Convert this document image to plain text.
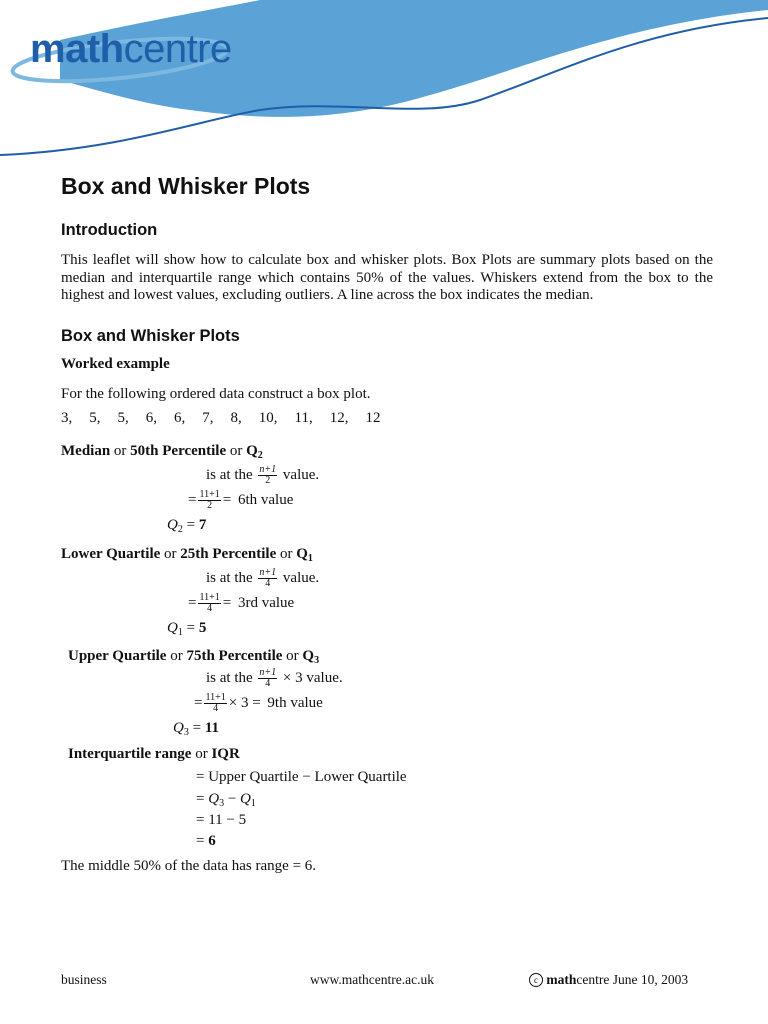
mathcentre
Box and Whisker Plots
Introduction
This leaflet will show how to calculate box and whisker plots. Box Plots are summary plots based on the median and interquartile range which contains 50% of the values. Whiskers extend from the box to the highest and lowest values, excluding outliers. A line across the box indicates the median.
Box and Whisker Plots
Worked example
For the following ordered data construct a box plot.
3, 5, 5, 6, 6, 7, 8, 10, 11, 12, 12
Median or 50th Percentile or $Q_2$
is at the $\frac{n+1}{2}$ value.
= $\frac{11+1}{2} = 6th$ value
$Q_2 = 7$
Lower Quartile or 25th Percentile or $Q_1$
is at the $\frac{n+1}{4}$ value.
= $\frac{11+1}{4} = 3rd$ value
$Q_1 = 5$
Upper Quartile or 75th Percentile or $Q_3$
is at the $\frac{n+1}{4} \times 3$ value.
= $\frac{11+1}{4} \times 3 = 9th$ value
$Q_3 = 11$
Interquartile range or IQR
= Upper Quartile − Lower Quartile
= $Q_3 - Q_1$
= 11 − 5
= 6
The middle 50% of the data has range = 6.
business	www.mathcentre.ac.uk	c mathcentre June 10, 2003
